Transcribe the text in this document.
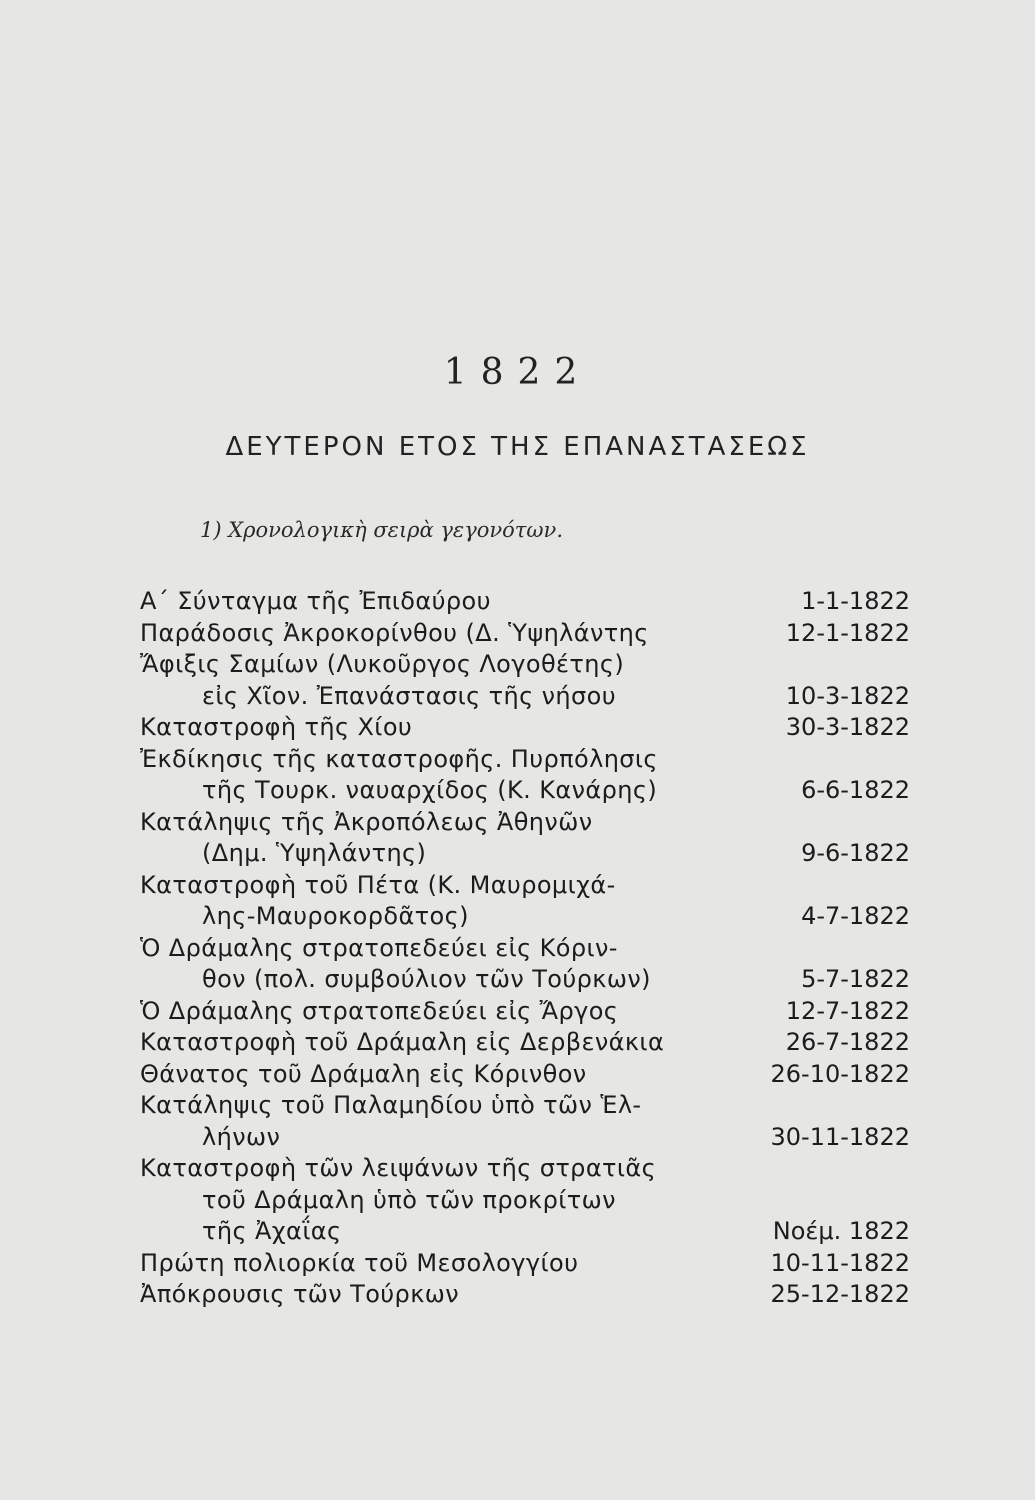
1822
ΔΕΥΤΕΡΟΝ ΕΤΟΣ ΤΗΣ ΕΠΑΝΑΣΤΑΣΕΩΣ
1) Χρονολογικὴ σειρὰ γεγονότων.
Α΄ Σύνταγμα τῆς Ἐπιδαύρου	1-1-1822
Παράδοσις Ἀκροκορίνθου (Δ. Ὑψηλάντης	12-1-1822
Ἄφιξις Σαμίων (Λυκοῦργος Λογοθέτης)
εἰς Χῖον. Ἐπανάστασις τῆς νήσου	10-3-1822
Καταστροφὴ τῆς Χίου	30-3-1822
Ἐκδίκησις τῆς καταστροφῆς. Πυρπόλησις
τῆς Τουρκ. ναυαρχίδος (Κ. Κανάρης)	6-6-1822
Κατάληψις τῆς Ἀκροπόλεως Ἀθηνῶν
(Δημ. Ὑψηλάντης)	9-6-1822
Καταστροφὴ τοῦ Πέτα (Κ. Μαυρομιχά-
λης-Μαυροκορδᾶτος)	4-7-1822
Ὁ Δράμαλης στρατοπεδεύει εἰς Κόριν-
θον (πολ. συμβούλιον τῶν Τούρκων)	5-7-1822
Ὁ Δράμαλης στρατοπεδεύει εἰς Ἄργος	12-7-1822
Καταστροφὴ τοῦ Δράμαλη εἰς Δερβενάκια	26-7-1822
Θάνατος τοῦ Δράμαλη εἰς Κόρινθον	26-10-1822
Κατάληψις τοῦ Παλαμηδίου ὑπὸ τῶν Ἑλ-
λήνων	30-11-1822
Καταστροφὴ τῶν λειψάνων τῆς στρατιᾶς
τοῦ Δράμαλη ὑπὸ τῶν προκρίτων
τῆς Ἀχαΐας	Νοέμ. 1822
Πρώτη πολιορκία τοῦ Μεσολογγίου	10-11-1822
Ἀπόκρουσις τῶν Τούρκων	25-12-1822
